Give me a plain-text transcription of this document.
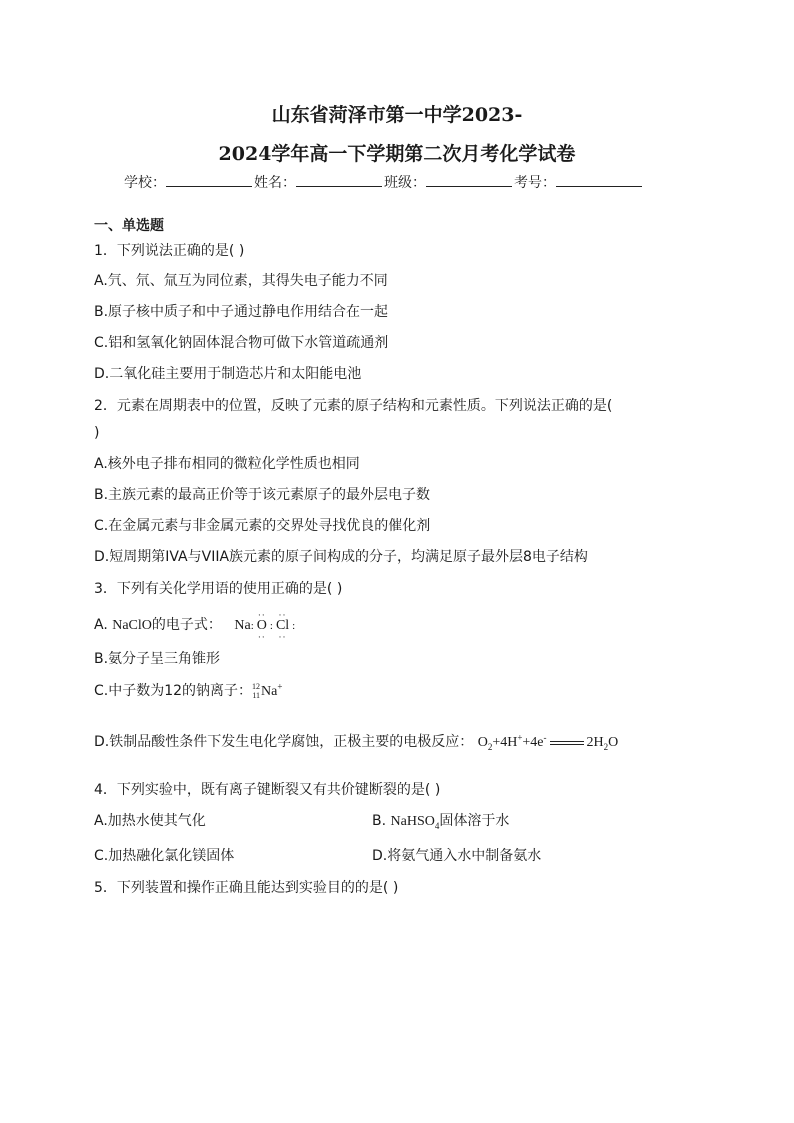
山东省菏泽市第一中学2023-
2024学年高一下学期第二次月考化学试卷
学校：	姓名：	班级：	考号：
一、单选题
1．下列说法正确的是( )
A.氕、氘、氚互为同位素，其得失电子能力不同
B.原子核中质子和中子通过静电作用结合在一起
C.铝和氢氧化钠固体混合物可做下水管道疏通剂
D.二氧化硅主要用于制造芯片和太阳能电池
2．元素在周期表中的位置，反映了元素的原子结构和元素性质。下列说法正确的是(
)
A.核外电子排布相同的微粒化学性质也相同
B.主族元素的最高正价等于该元素原子的最外层电子数
C.在金属元素与非金属元素的交界处寻找优良的催化剂
D.短周期第IVA与VIIA族元素的原子间构成的分子，均满足原子最外层8电子结构
3．下列有关化学用语的使用正确的是( )
A. NaClO的电子式： Na:
··
O
··
:
··
Cl
··
:
B.氨分子呈三角锥形
C.中子数为12的钠离子：12
11Na+
D.铁制品酸性条件下发生电化学腐蚀，正极主要的电极反应： $O_2+4H^++4e^-$	$2H_2O$
4．下列实验中，既有离子键断裂又有共价键断裂的是( )
A.加热水使其气化	B. NaHSO$_4$固体溶于水
C.加热融化氯化镁固体	D.将氨气通入水中制备氨水
5．下列装置和操作正确且能达到实验目的的是( )
